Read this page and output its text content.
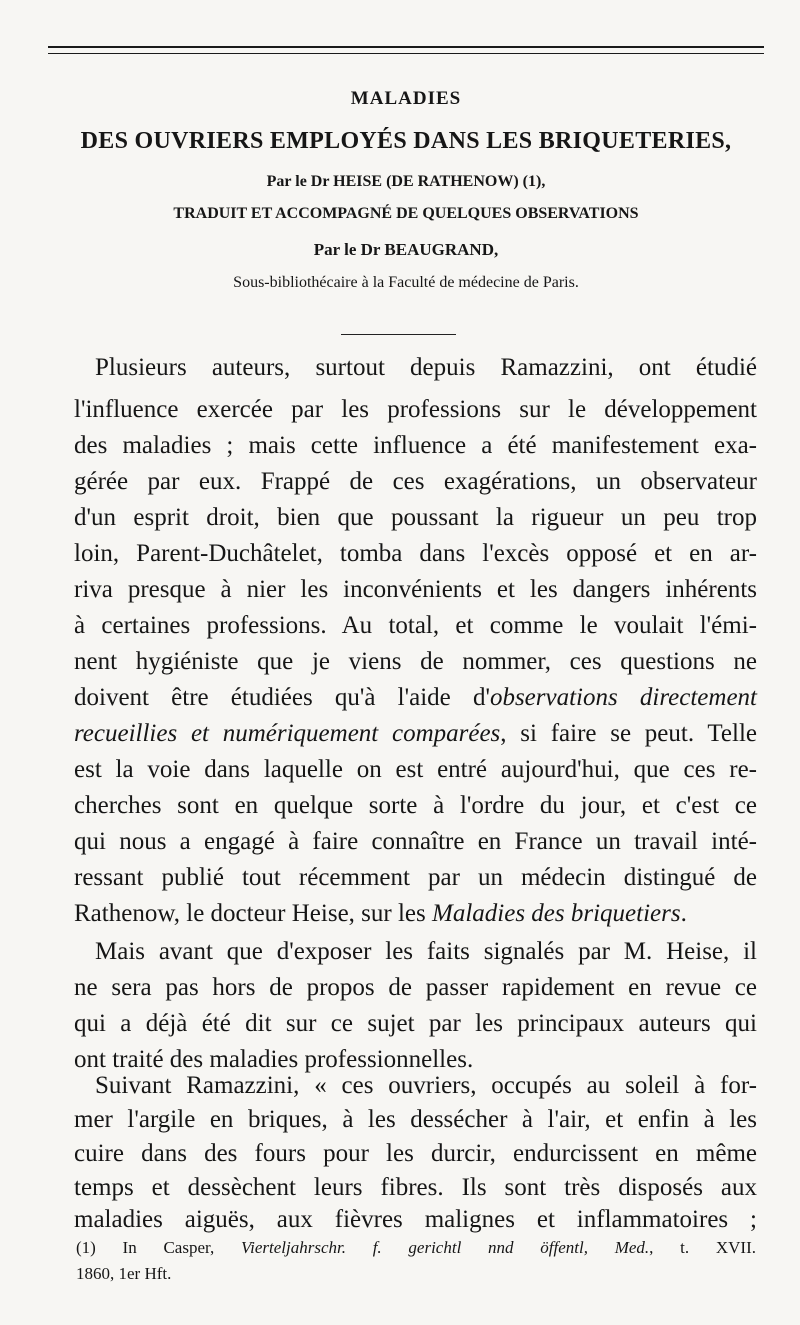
MALADIES
DES OUVRIERS EMPLOYÉS DANS LES BRIQUETERIES,
Par le Dr HEISE (DE RATHENOW) (1),
TRADUIT ET ACCOMPAGNÉ DE QUELQUES OBSERVATIONS
Par le Dr BEAUGRAND,
Sous-bibliothécaire à la Faculté de médecine de Paris.
Plusieurs auteurs, surtout depuis Ramazzini, ont étudié
l'influence exercée par les professions sur le développement
des maladies ; mais cette influence a été manifestement exa-
gérée par eux. Frappé de ces exagérations, un observateur
d'un esprit droit, bien que poussant la rigueur un peu trop
loin, Parent-Duchâtelet, tomba dans l'excès opposé et en ar-
riva presque à nier les inconvénients et les dangers inhérents
à certaines professions. Au total, et comme le voulait l'émi-
nent hygiéniste que je viens de nommer, ces questions ne
doivent être étudiées qu'à l'aide d'observations directement
recueillies et numériquement comparées, si faire se peut. Telle
est la voie dans laquelle on est entré aujourd'hui, que ces re-
cherches sont en quelque sorte à l'ordre du jour, et c'est ce
qui nous a engagé à faire connaître en France un travail inté-
ressant publié tout récemment par un médecin distingué de
Rathenow, le docteur Heise, sur les Maladies des briquetiers.
Mais avant que d'exposer les faits signalés par M. Heise, il
ne sera pas hors de propos de passer rapidement en revue ce
qui a déjà été dit sur ce sujet par les principaux auteurs qui
ont traité des maladies professionnelles.
Suivant Ramazzini, « ces ouvriers, occupés au soleil à for-
mer l'argile en briques, à les dessécher à l'air, et enfin à les
cuire dans des fours pour les durcir, endurcissent en même
temps et dessèchent leurs fibres. Ils sont très disposés aux
(1) In Casper, Vierteljahrschr. f. gerichtl nnd öffentl, Med., t. XVII.
1860, 1er Hft.
maladies aiguës, aux fièvres malignes et inflammatoires ;
